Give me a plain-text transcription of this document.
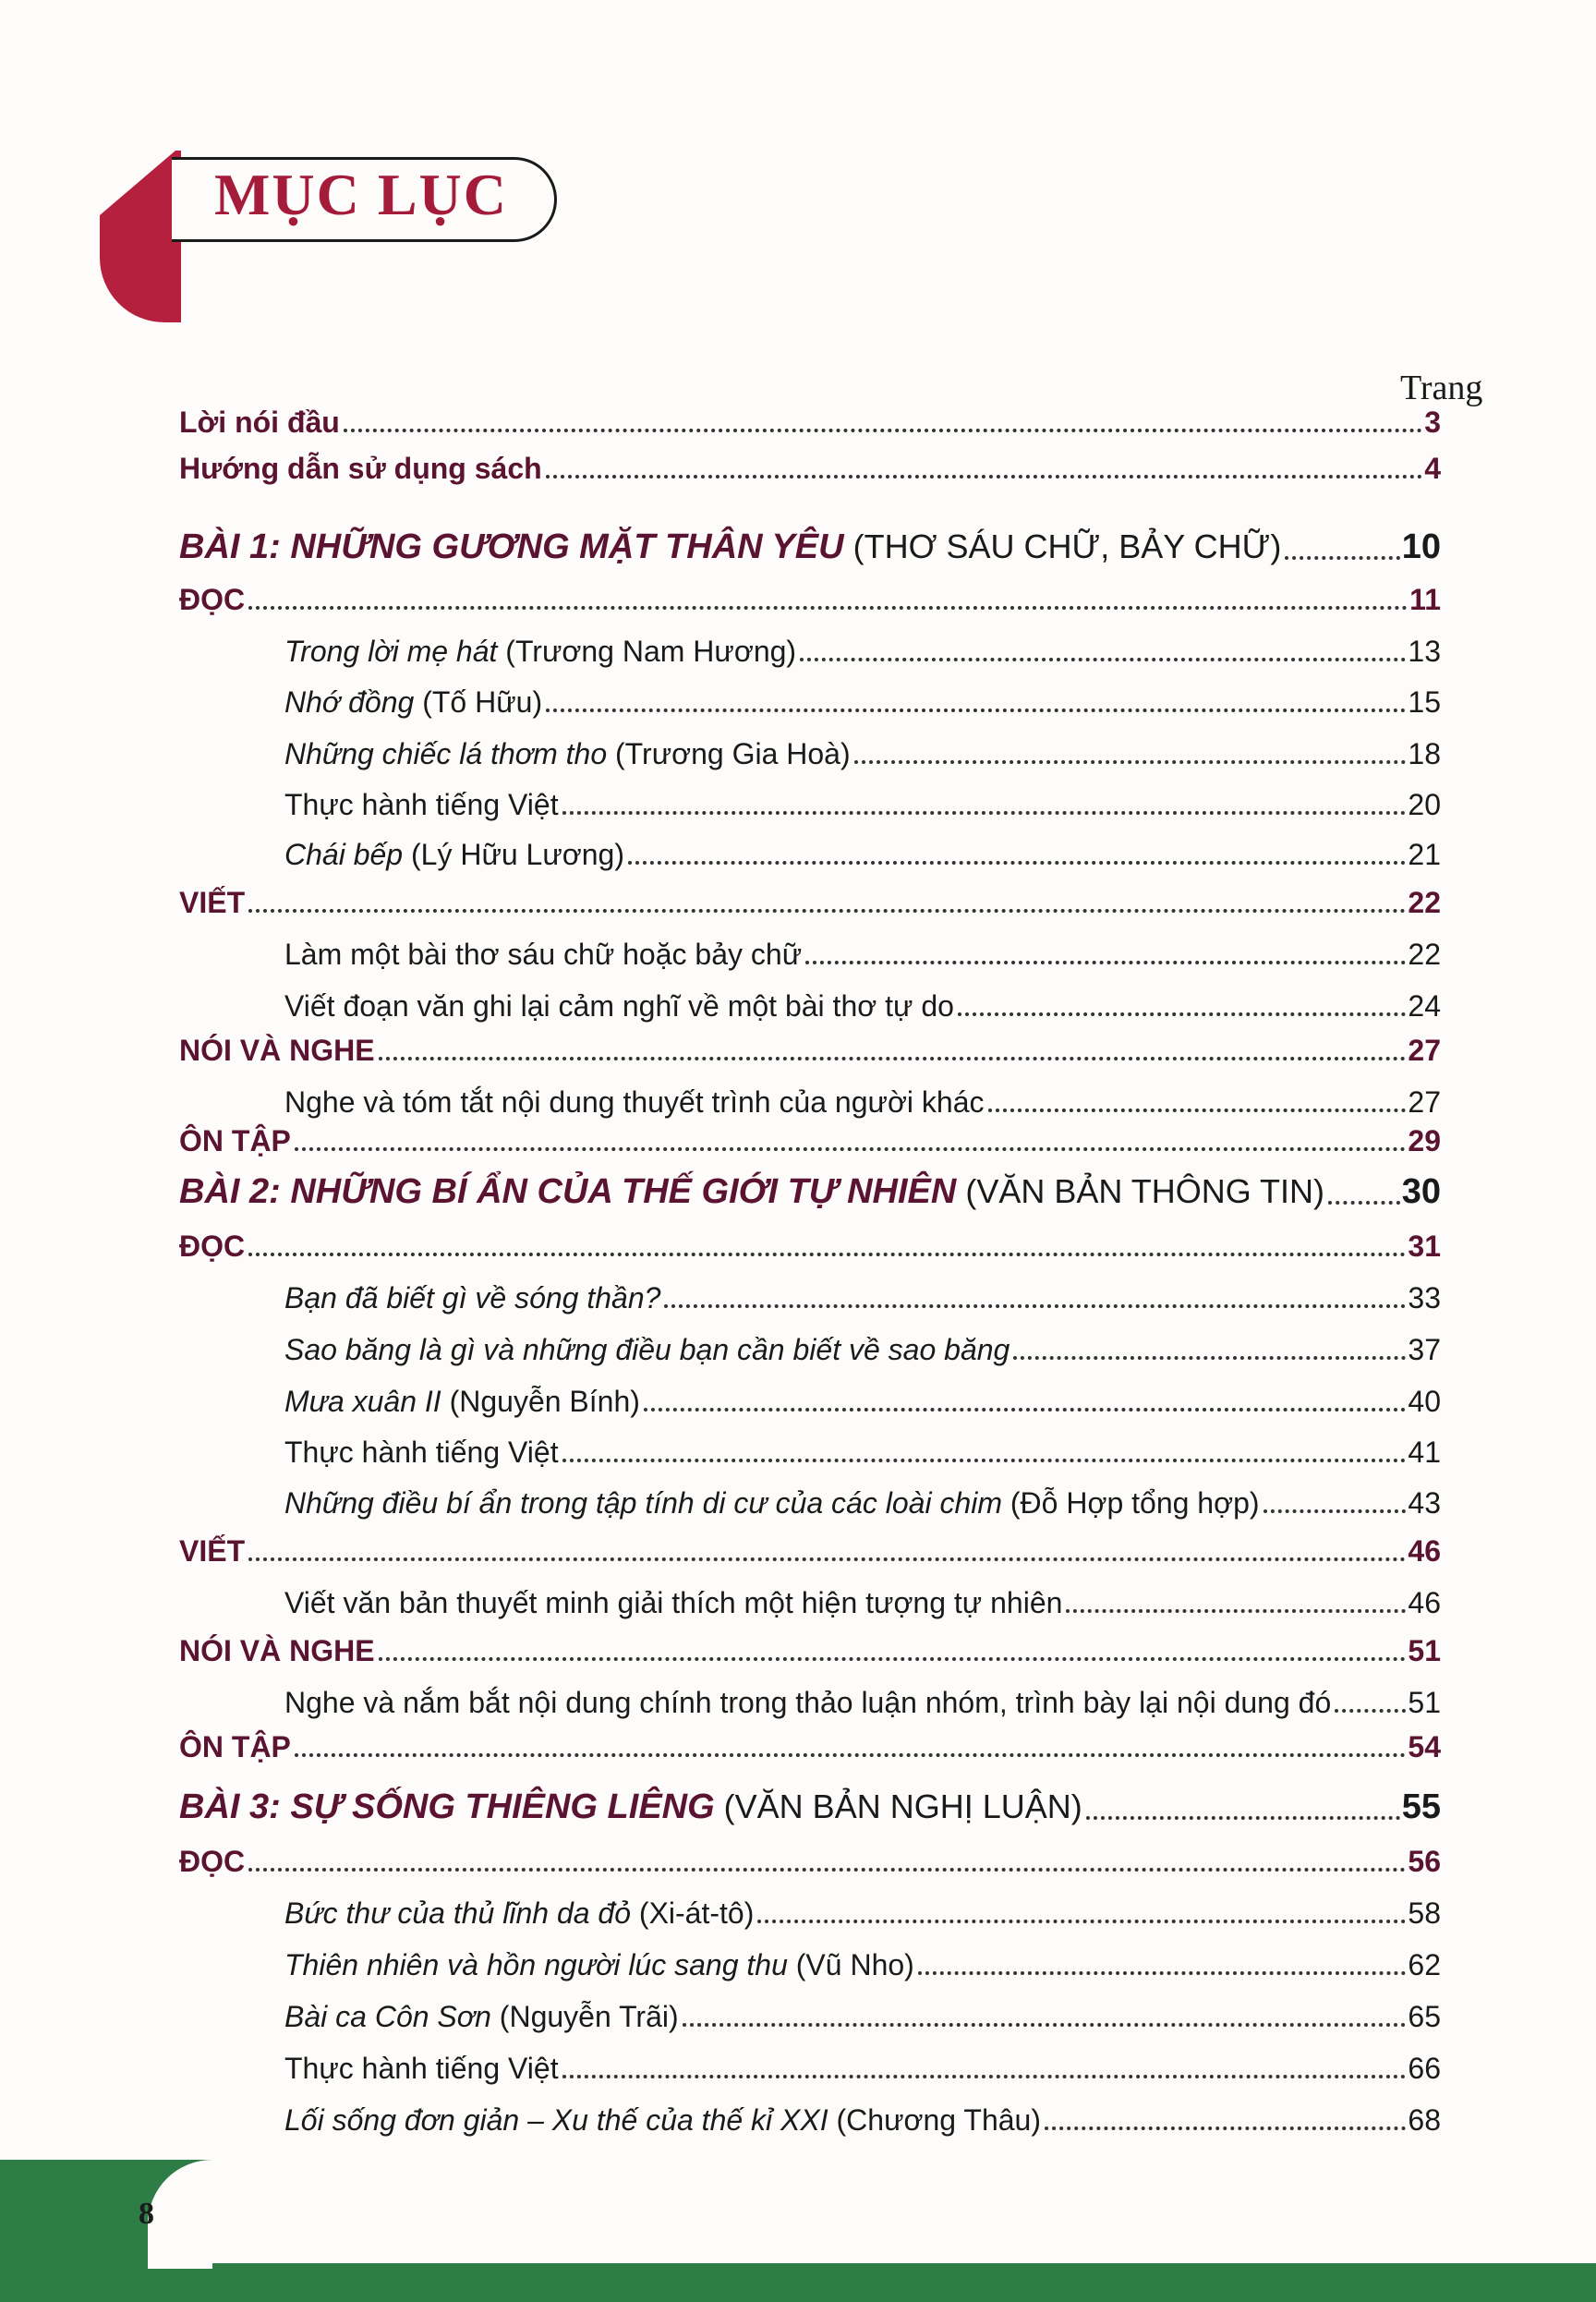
MỤC LỤC
Trang
Lời nói đầu	3
Hướng dẫn sử dụng sách	4
BÀI 1: NHỮNG GƯƠNG MẶT THÂN YÊU (THƠ SÁU CHỮ, BẢY CHỮ)	10
ĐỌC	11
Trong lời mẹ hát (Trương Nam Hương)	13
Nhớ đồng (Tố Hữu)	15
Những chiếc lá thơm tho (Trương Gia Hoà)	18
Thực hành tiếng Việt	20
Chái bếp (Lý Hữu Lương)	21
VIẾT	22
Làm một bài thơ sáu chữ hoặc bảy chữ	22
Viết đoạn văn ghi lại cảm nghĩ về một bài thơ tự do	24
NÓI VÀ NGHE	27
Nghe và tóm tắt nội dung thuyết trình của người khác	27
ÔN TẬP	29
BÀI 2: NHỮNG BÍ ẨN CỦA THẾ GIỚI TỰ NHIÊN (VĂN BẢN THÔNG TIN) 30
ĐỌC	31
Bạn đã biết gì về sóng thần?	33
Sao băng là gì và những điều bạn cần biết về sao băng	37
Mưa xuân II (Nguyễn Bính)	40
Thực hành tiếng Việt	41
Những điều bí ẩn trong tập tính di cư của các loài chim (Đỗ Hợp tổng hợp)	43
VIẾT	46
Viết văn bản thuyết minh giải thích một hiện tượng tự nhiên	46
NÓI VÀ NGHE	51
Nghe và nắm bắt nội dung chính trong thảo luận nhóm, trình bày lại nội dung đó	51
ÔN TẬP	54
BÀI 3: SỰ SỐNG THIÊNG LIÊNG (VĂN BẢN NGHỊ LUẬN)	55
ĐỌC	56
Bức thư của thủ lĩnh da đỏ (Xi-át-tô)	58
Thiên nhiên và hồn người lúc sang thu (Vũ Nho)	62
Bài ca Côn Sơn (Nguyễn Trãi)	65
Thực hành tiếng Việt	66
Lối sống đơn giản – Xu thế của thế kỉ XXI (Chương Thâu)	68
8
